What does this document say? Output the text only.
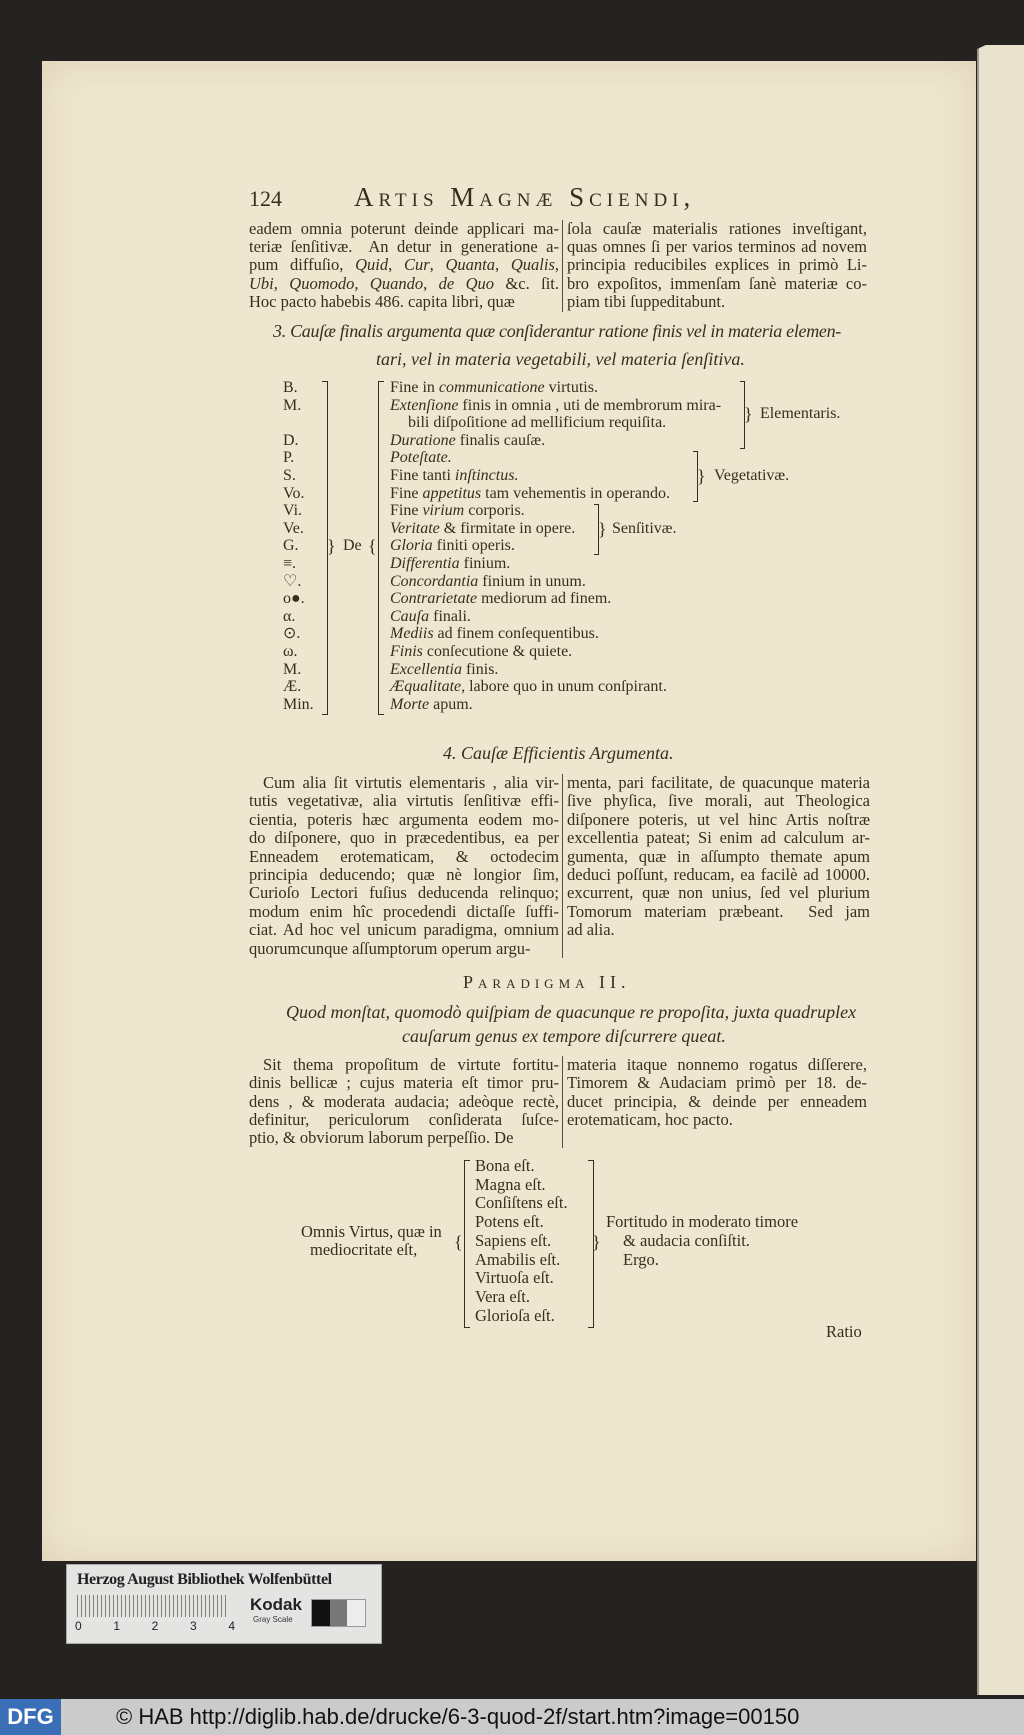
124	Artis Magnæ Sciendi,
eadem omnia poterunt deinde applicari ma-
teriæ ſenſitivæ.  An detur in generatione a-
pum diffuſio, Quid, Cur, Quanta, Qualis,
Ubi, Quomodo, Quando, de Quo &c. ſit.
Hoc pacto habebis 486. capita libri, quæ
ſola cauſæ materialis rationes inveſtigant,
quas omnes ſi per varios terminos ad novem
principia reducibiles explices in primò Li-
bro expoſitos, immenſam ſanè materiæ co-
piam tibi ſuppeditabunt.
3. Cauſæ finalis argumenta quæ conſiderantur ratione finis vel in materia elemen-
tari, vel in materia vegetabili, vel materia ſenſitiva.
B.	Fine in communicatione virtutis.
M.	Extenſione finis in omnia , uti de membrorum mira-
bili diſpoſitione ad mellificium requiſita.
D.	Duratione finalis cauſæ.
P.	Poteſtate.
S.	Fine tanti inſtinctus.
Vo.	Fine appetitus tam vehementis in operando.
Vi.	Fine virium corporis.
Ve.	Veritate & firmitate in opere.
G.	Gloria finiti operis.
≡.	Differentia finium.
♡.	Concordantia finium in unum.
o●.	Contrarietate mediorum ad finem.
α.	Cauſa finali.
⊙.	Mediis ad finem conſequentibus.
ω.	Finis conſecutione & quiete.
M.	Excellentia finis.
Æ.	Æqualitate, labore quo in unum conſpirant.
Min.	Morte apum.
} De {
} Elementaris.
} Vegetativæ.
} Senſitivæ.
4. Cauſæ Efficientis Argumenta.
Cum alia ſit virtutis elementaris , alia vir-
tutis vegetativæ, alia virtutis ſenſitivæ effi-
cientia, poteris hæc argumenta eodem mo-
do diſponere, quo in præcedentibus, ea per
Enneadem erotematicam, & octodecim
principia deducendo; quæ nè longior ſim,
Curioſo Lectori fuſius deducenda relinquo;
modum enim hîc procedendi dictaſſe ſuffi-
ciat. Ad hoc vel unicum paradigma, omnium
quorumcunque aſſumptorum operum argu-
menta, pari facilitate, de quacunque materia
ſive phyſica, ſive morali, aut Theologica
diſponere poteris, ut vel hinc Artis noſtræ
excellentia pateat; Si enim ad calculum ar-
gumenta, quæ in aſſumpto themate apum
deduci poſſunt, reducam, ea facilè ad 10000.
excurrent, quæ non unius, ſed vel plurium
Tomorum materiam præbeant.  Sed jam
ad alia.
Paradigma II.
Quod monſtat, quomodò quiſpiam de quacunque re propoſita, juxta quadruplex
cauſarum genus ex tempore diſcurrere queat.
Sit thema propoſitum de virtute fortitu-
dinis bellicæ ; cujus materia eſt timor pru-
dens , & moderata audacia; adeòque rectè,
definitur, periculorum conſiderata ſuſce-
ptio, & obviorum laborum perpeſſio. De
materia itaque nonnemo rogatus diſſerere,
Timorem & Audaciam primò per 18. de-
ducet principia, & deinde per enneadem
erotematicam, hoc pacto.
Omnis Virtus, quæ in
mediocritate eſt, {
Bona eſt.
Magna eſt.
Conſiſtens eſt.
Potens eſt.
Sapiens eſt.
Amabilis eſt.
Virtuoſa eſt.
Vera eſt.
Glorioſa eſt.
}
Fortitudo in moderato timore
& audacia conſiſtit.
Ergo.
Ratio
Herzog August Bibliothek Wolfenbüttel
0	1	2	3	4
Kodak
Gray Scale
DFG	© HAB http://diglib.hab.de/drucke/6-3-quod-2f/start.htm?image=00150
